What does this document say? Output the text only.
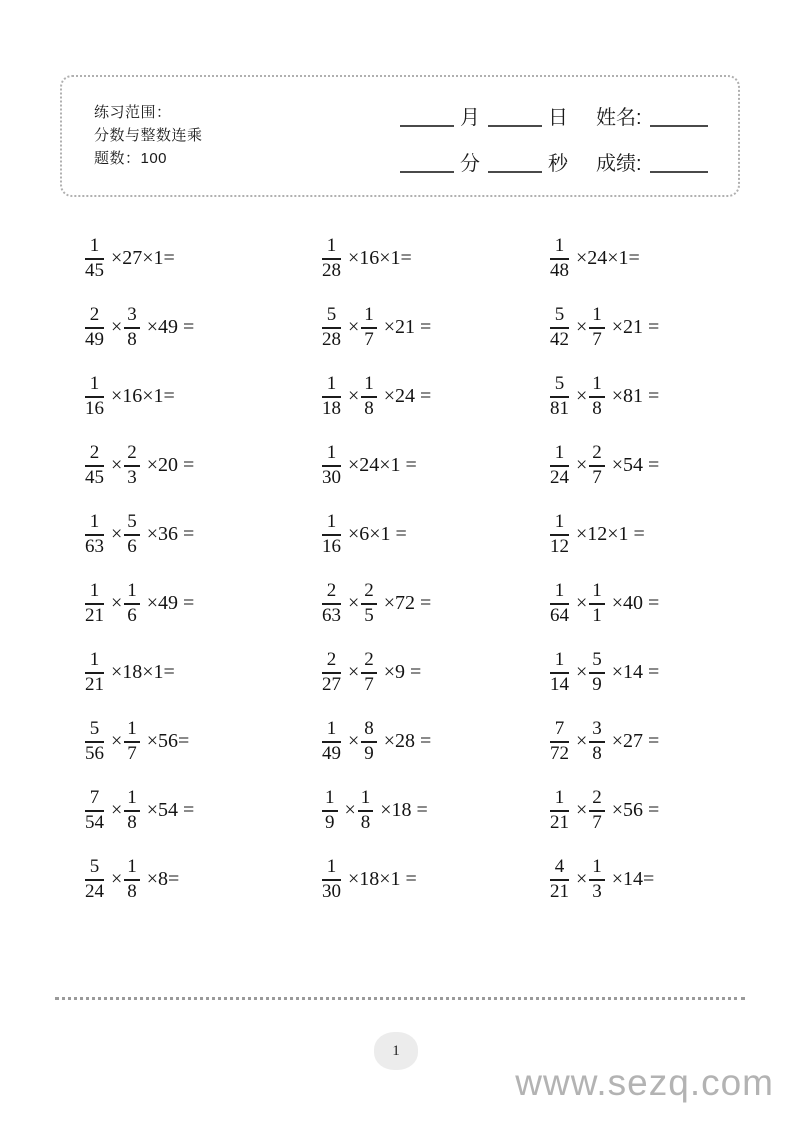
练习范围：
分数与整数连乘
题数：100
月	日 姓名:
分	秒 成绩:
$\frac{1}{45} \times 27\times 1=$	$\frac{1}{28} \times 16\times 1=$	$\frac{1}{48} \times 24\times 1=$
$\frac{2}{49} \times \frac{3}{8} \times 49$ =	$\frac{5}{28} \times \frac{1}{7} \times 21$ =	$\frac{5}{42} \times \frac{1}{7} \times 21$ =
$\frac{1}{16} \times 16\times 1=$	$\frac{1}{18} \times \frac{1}{8} \times 24$ =	$\frac{5}{81} \times \frac{1}{8} \times 81$ =
$\frac{2}{45} \times \frac{2}{3} \times 20$ =	$\frac{1}{30} \times 24\times 1$ =	$\frac{1}{24} \times \frac{2}{7} \times 54$ =
$\frac{1}{63} \times \frac{5}{6} \times 36$ =	$\frac{1}{16} \times 6\times 1$ =	$\frac{1}{12} \times 12\times 1$ =
$\frac{1}{21} \times \frac{1}{6} \times 49$ =	$\frac{2}{63} \times \frac{2}{5} \times 72$ =	$\frac{1}{64} \times \frac{1}{1} \times 40$ =
$\frac{1}{21} \times 18\times 1=$	$\frac{2}{27} \times \frac{2}{7} \times 9$ =	$\frac{1}{14} \times \frac{5}{9} \times 14$ =
$\frac{5}{56} \times \frac{1}{7} \times 56=$	$\frac{1}{49} \times \frac{8}{9} \times 28$ =	$\frac{7}{72} \times \frac{3}{8} \times 27$ =
$\frac{7}{54} \times \frac{1}{8} \times 54$ =	$\frac{1}{9} \times \frac{1}{8} \times 18$ =	$\frac{1}{21} \times \frac{2}{7} \times 56$ =
$\frac{5}{24} \times \frac{1}{8} \times 8=$	$\frac{1}{30} \times 18\times 1$ =	$\frac{4}{21} \times \frac{1}{3} \times 14=$
1
www.sezq.com
